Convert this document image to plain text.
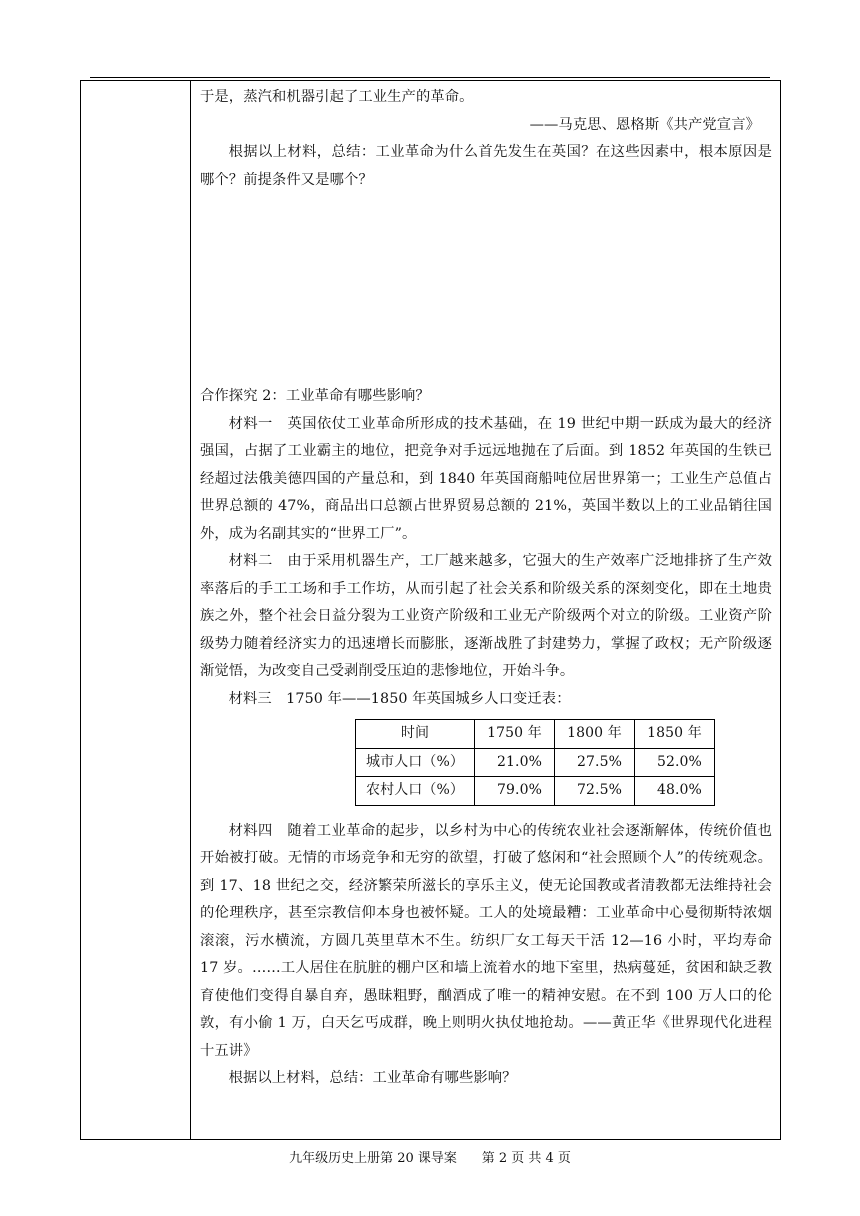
于是，蒸汽和机器引起了工业生产的革命。

——马克思、恩格斯《共产党宣言》

根据以上材料，总结：工业革命为什么首先发生在英国？在这些因素中，根本原因是哪个？前提条件又是哪个？

合作探究 2：工业革命有哪些影响？

材料一　英国依仗工业革命所形成的技术基础，在 19 世纪中期一跃成为最大的经济强国，占据了工业霸主的地位，把竞争对手远远地抛在了后面。到 1852 年英国的生铁已经超过法俄美德四国的产量总和，到 1840 年英国商船吨位居世界第一；工业生产总值占世界总额的 47%，商品出口总额占世界贸易总额的 21%，英国半数以上的工业品销往国外，成为名副其实的“世界工厂”。

材料二　由于采用机器生产，工厂越来越多，它强大的生产效率广泛地排挤了生产效率落后的手工工场和手工作坊，从而引起了社会关系和阶级关系的深刻变化，即在土地贵族之外，整个社会日益分裂为工业资产阶级和工业无产阶级两个对立的阶级。工业资产阶级势力随着经济实力的迅速增长而膨胀，逐渐战胜了封建势力，掌握了政权；无产阶级逐渐觉悟，为改变自己受剥削受压迫的悲惨地位，开始斗争。

材料三　1750 年——1850 年英国城乡人口变迁表：

时间	1750 年	1800 年	1850 年
城市人口（%）	21.0%	27.5%	52.0%
农村人口（%）	79.0%	72.5%	48.0%

材料四　随着工业革命的起步，以乡村为中心的传统农业社会逐渐解体，传统价值也开始被打破。无情的市场竞争和无穷的欲望，打破了悠闲和“社会照顾个人”的传统观念。到 17、18 世纪之交，经济繁荣所滋长的享乐主义，使无论国教或者清教都无法维持社会的伦理秩序，甚至宗教信仰本身也被怀疑。工人的处境最糟：工业革命中心曼彻斯特浓烟滚滚，污水横流，方圆几英里草木不生。纺织厂女工每天干活 12—16 小时，平均寿命 17 岁。……工人居住在肮脏的棚户区和墙上流着水的地下室里，热病蔓延，贫困和缺乏教育使他们变得自暴自弃，愚昧粗野，酗酒成了唯一的精神安慰。在不到 100 万人口的伦敦，有小偷 1 万，白天乞丐成群，晚上则明火执仗地抢劫。——黄正华《世界现代化进程十五讲》

根据以上材料，总结：工业革命有哪些影响？

九年级历史上册第 20 课导案 第 2 页 共 4 页
